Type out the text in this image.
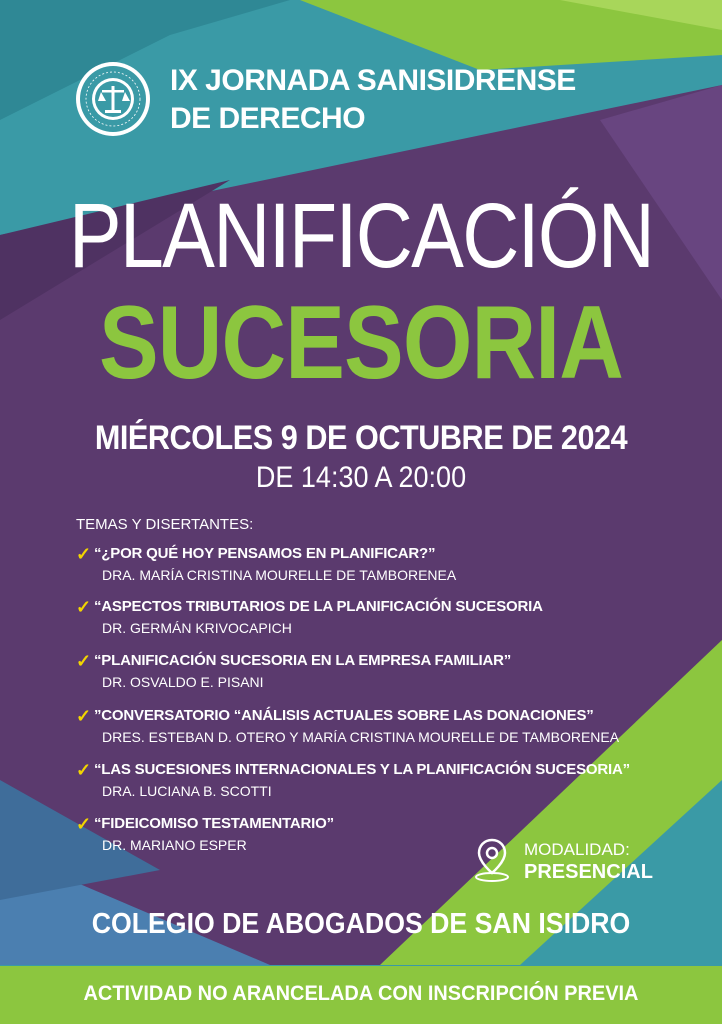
IX JORNADA SANISIDRENSE
DE DERECHO
PLANIFICACIÓN
SUCESORIA
MIÉRCOLES 9 DE OCTUBRE DE 2024
DE 14:30 A 20:00
TEMAS Y DISERTANTES:
✓ “¿POR QUÉ HOY PENSAMOS EN PLANIFICAR?”
DRA. MARÍA CRISTINA MOURELLE DE TAMBORENEA
✓ “ASPECTOS TRIBUTARIOS DE LA PLANIFICACIÓN SUCESORIA
DR. GERMÁN KRIVOCAPICH
✓ “PLANIFICACIÓN SUCESORIA EN LA EMPRESA FAMILIAR”
DR. OSVALDO E. PISANI
✓ ”CONVERSATORIO “ANÁLISIS ACTUALES SOBRE LAS DONACIONES”
DRES. ESTEBAN D. OTERO Y MARÍA CRISTINA MOURELLE DE TAMBORENEA
✓ “LAS SUCESIONES INTERNACIONALES Y LA PLANIFICACIÓN SUCESORIA”
DRA. LUCIANA B. SCOTTI
✓ “FIDEICOMISO TESTAMENTARIO”
DR. MARIANO ESPER	MODALIDAD:
PRESENCIAL
COLEGIO DE ABOGADOS DE SAN ISIDRO
ACTIVIDAD NO ARANCELADA CON INSCRIPCIÓN PREVIA
